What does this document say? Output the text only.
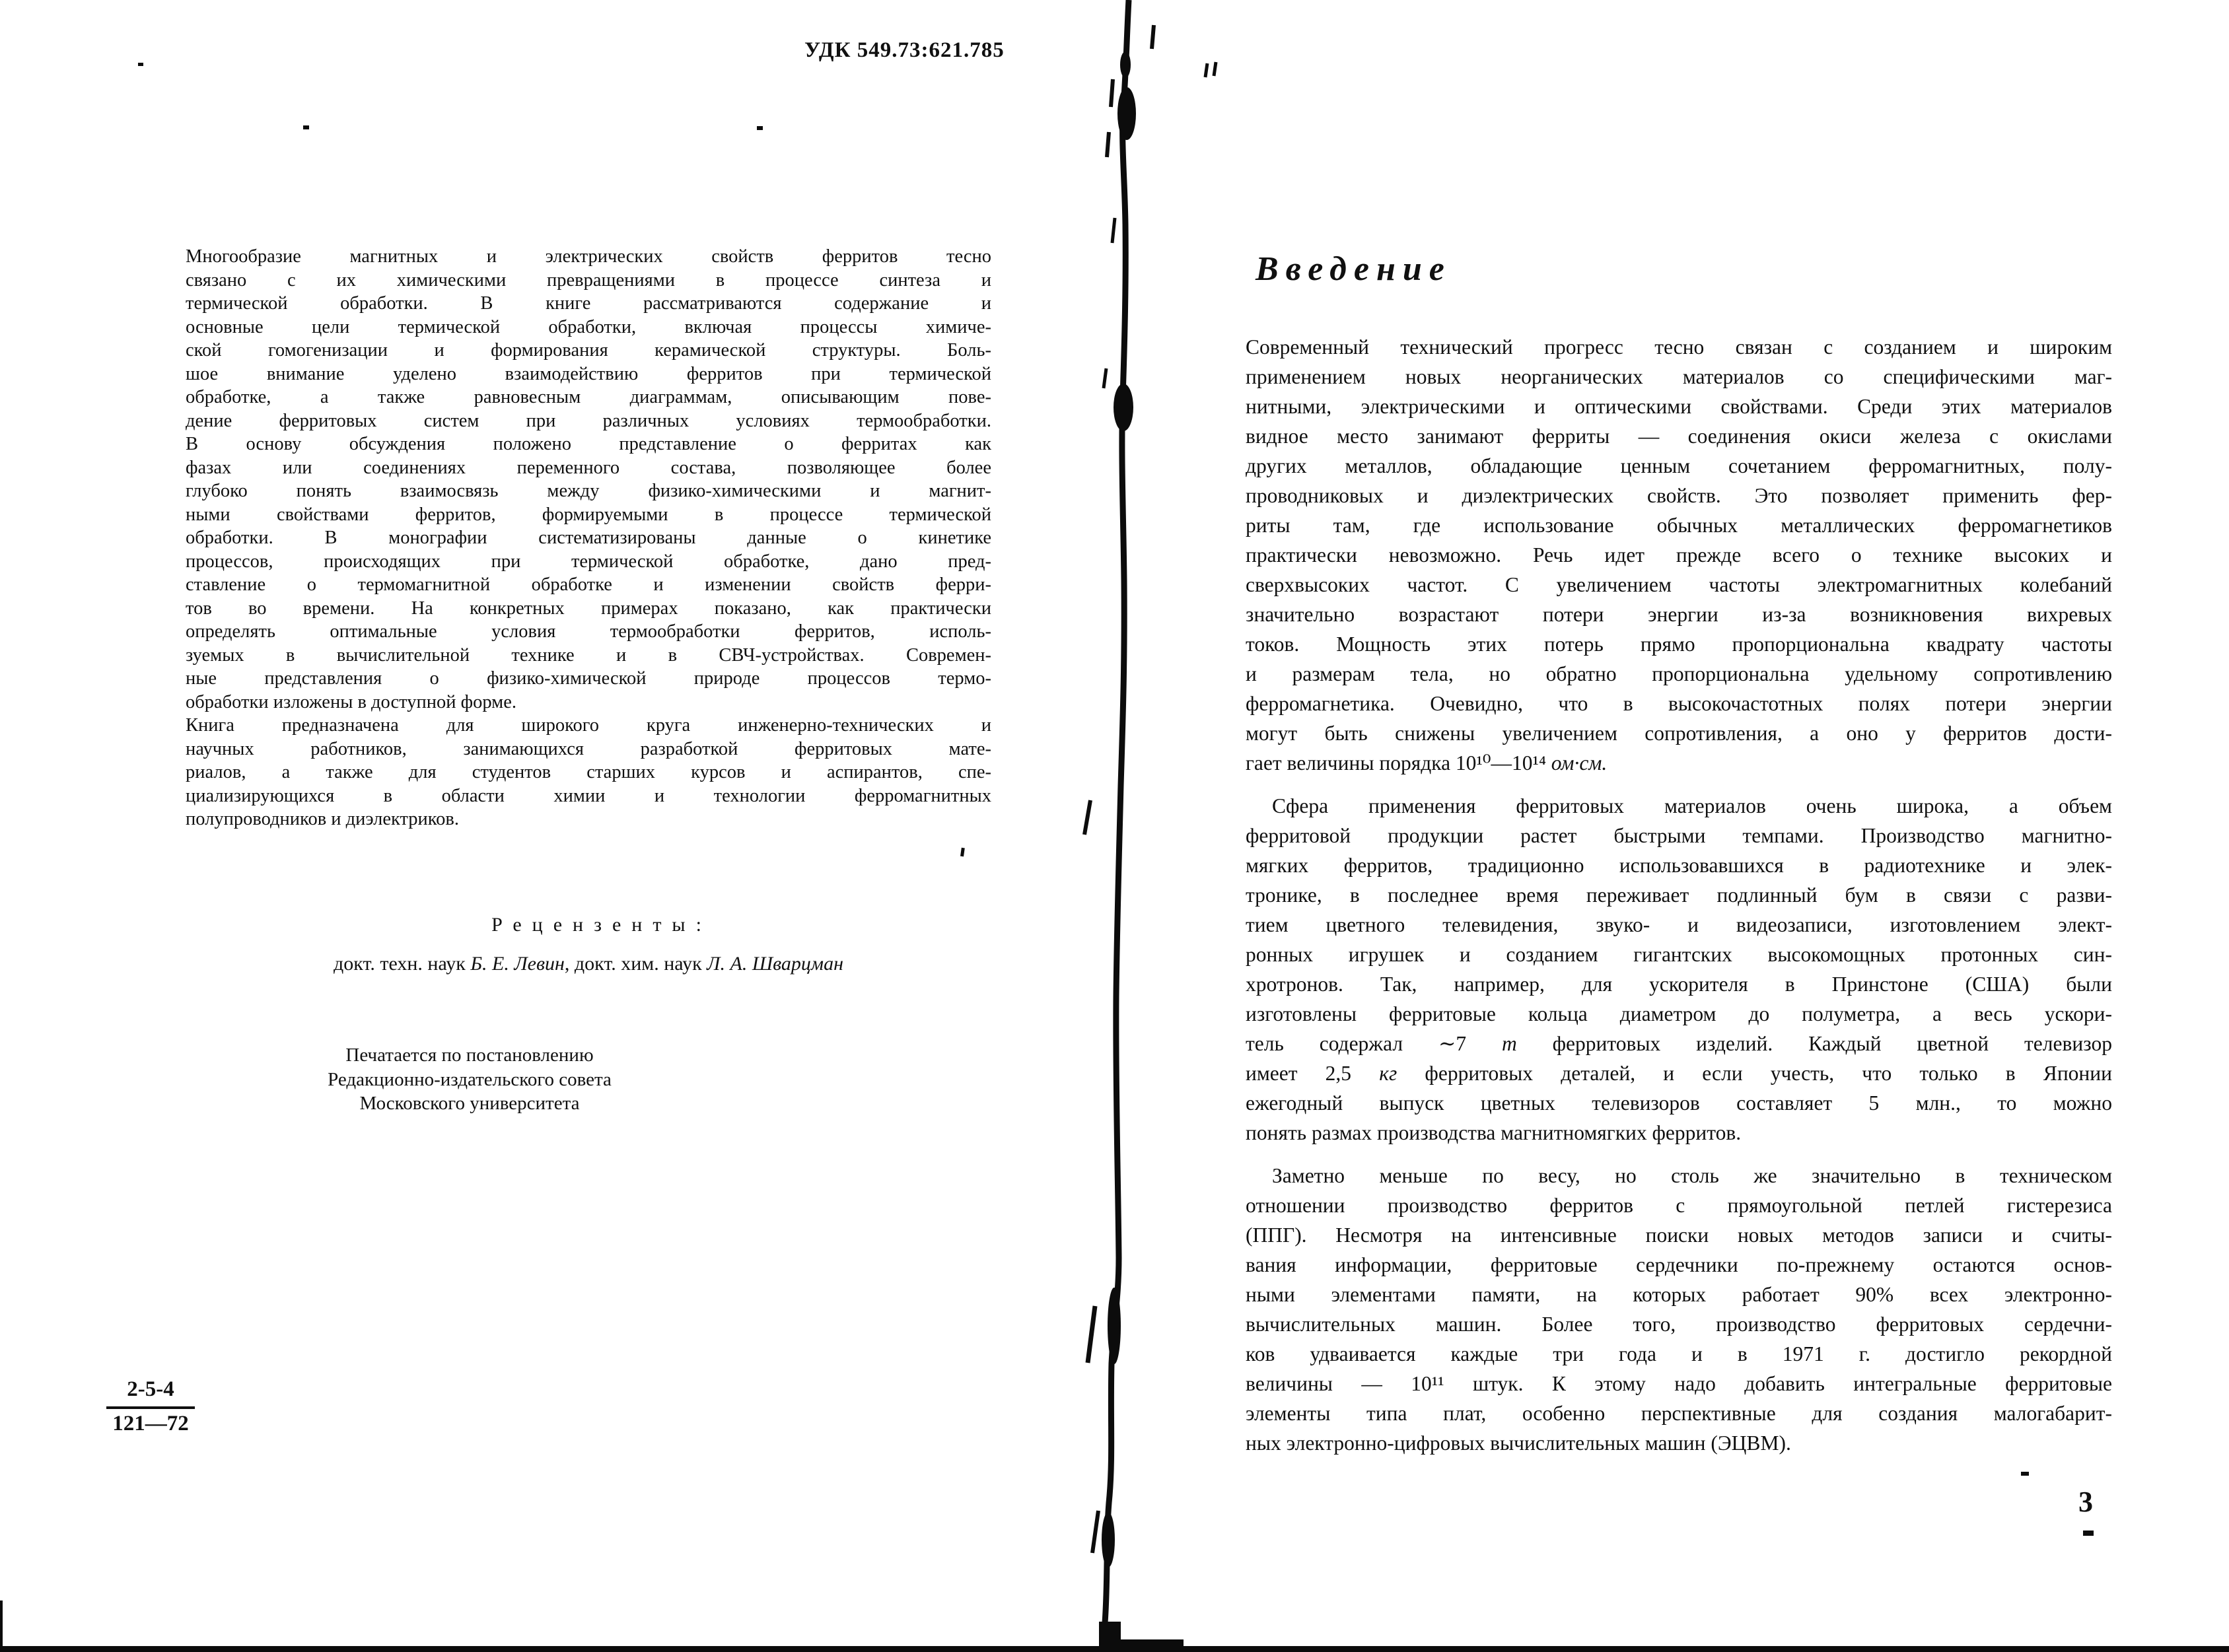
УДК 549.73:621.785
Многообразие магнитных и электрических свойств ферритов тесно
связано с их химическими превращениями в процессе синтеза и
термической обработки. В книге рассматриваются содержание и
основные цели термической обработки, включая процессы химиче-
ской гомогенизации и формирования керамической структуры. Боль-
шое внимание уделено взаимодействию ферритов при термической
обработке, а также равновесным диаграммам, описывающим пове-
дение ферритовых систем при различных условиях термообработки.
В основу обсуждения положено представление о ферритах как
фазах или соединениях переменного состава, позволяющее более
глубоко понять взаимосвязь между физико-химическими и магнит-
ными свойствами ферритов, формируемыми в процессе термической
обработки. В монографии систематизированы данные о кинетике
процессов, происходящих при термической обработке, дано пред-
ставление о термомагнитной обработке и изменении свойств ферри-
тов во времени. На конкретных примерах показано, как практически
определять оптимальные условия термообработки ферритов, исполь-
зуемых в вычислительной технике и в СВЧ-устройствах. Современ-
ные представления о физико-химической природе процессов термо-
обработки изложены в доступной форме.
Книга предназначена для широкого круга инженерно-технических и
научных работников, занимающихся разработкой ферритовых мате-
риалов, а также для студентов старших курсов и аспирантов, спе-
циализирующихся в области химии и технологии ферромагнитных
полупроводников и диэлектриков.
Рецензенты:
докт. техн. наук Б. Е. Левин, докт. хим. наук Л. А. Шварцман
Печатается по постановлению
Редакционно-издательского совета
Московского университета
2-5-4
121—72
Введение
Современный технический прогресс тесно связан с созданием и широким
применением новых неорганических материалов со специфическими маг-
нитными, электрическими и оптическими свойствами. Среди этих материалов
видное место занимают ферриты — соединения окиси железа с окислами
других металлов, обладающие ценным сочетанием ферромагнитных, полу-
проводниковых и диэлектрических свойств. Это позволяет применить фер-
риты там, где использование обычных металлических ферромагнетиков
практически невозможно. Речь идет прежде всего о технике высоких и
сверхвысоких частот. С увеличением частоты электромагнитных колебаний
значительно возрастают потери энергии из-за возникновения вихревых
токов. Мощность этих потерь прямо пропорциональна квадрату частоты
и размерам тела, но обратно пропорциональна удельному сопротивлению
ферромагнетика. Очевидно, что в высокочастотных полях потери энергии
могут быть снижены увеличением сопротивления, а оно у ферритов дости-
гает величины порядка 10¹⁰—10¹⁴ ом·см.
Сфера применения ферритовых материалов очень широка, а объем
ферритовой продукции растет быстрыми темпами. Производство магнитно-
мягких ферритов, традиционно использовавшихся в радиотехнике и элек-
тронике, в последнее время переживает подлинный бум в связи с разви-
тием цветного телевидения, звуко- и видеозаписи, изготовлением элект-
ронных игрушек и созданием гигантских высокомощных протонных син-
хротронов. Так, например, для ускорителя в Принстоне (США) были
изготовлены ферритовые кольца диаметром до полуметра, а весь ускори-
тель содержал ∼7 т ферритовых изделий. Каждый цветной телевизор
имеет 2,5 кг ферритовых деталей, и если учесть, что только в Японии
ежегодный выпуск цветных телевизоров составляет 5 млн., то можно
понять размах производства магнитномягких ферритов.
Заметно меньше по весу, но столь же значительно в техническом
отношении производство ферритов с прямоугольной петлей гистерезиса
(ППГ). Несмотря на интенсивные поиски новых методов записи и считы-
вания информации, ферритовые сердечники по-прежнему остаются основ-
ными элементами памяти, на которых работает 90% всех электронно-
вычислительных машин. Более того, производство ферритовых сердечни-
ков удваивается каждые три года и в 1971 г. достигло рекордной
величины — 10¹¹ штук. К этому надо добавить интегральные ферритовые
элементы типа плат, особенно перспективные для создания малогабарит-
ных электронно-цифровых вычислительных машин (ЭЦВМ).
3
